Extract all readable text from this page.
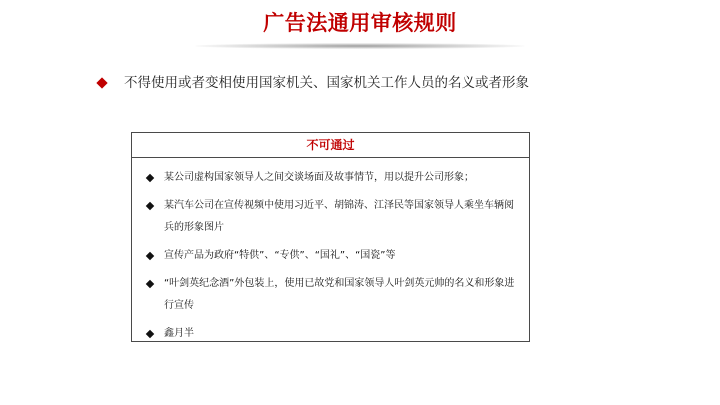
广告法通用审核规则
不得使用或者变相使用国家机关、国家机关工作人员的名义或者形象
不可通过
某公司虚构国家领导人之间交谈场面及故事情节，用以提升公司形象；
某汽车公司在宣传视频中使用习近平、胡锦涛、江泽民等国家领导人乘坐车辆阅兵的形象图片
宣传产品为政府“特供”、“专供”、“国礼”、“国瓷”等
“叶剑英纪念酒”外包装上，使用已故党和国家领导人叶剑英元帅的名义和形象进行宣传
鑫月半
